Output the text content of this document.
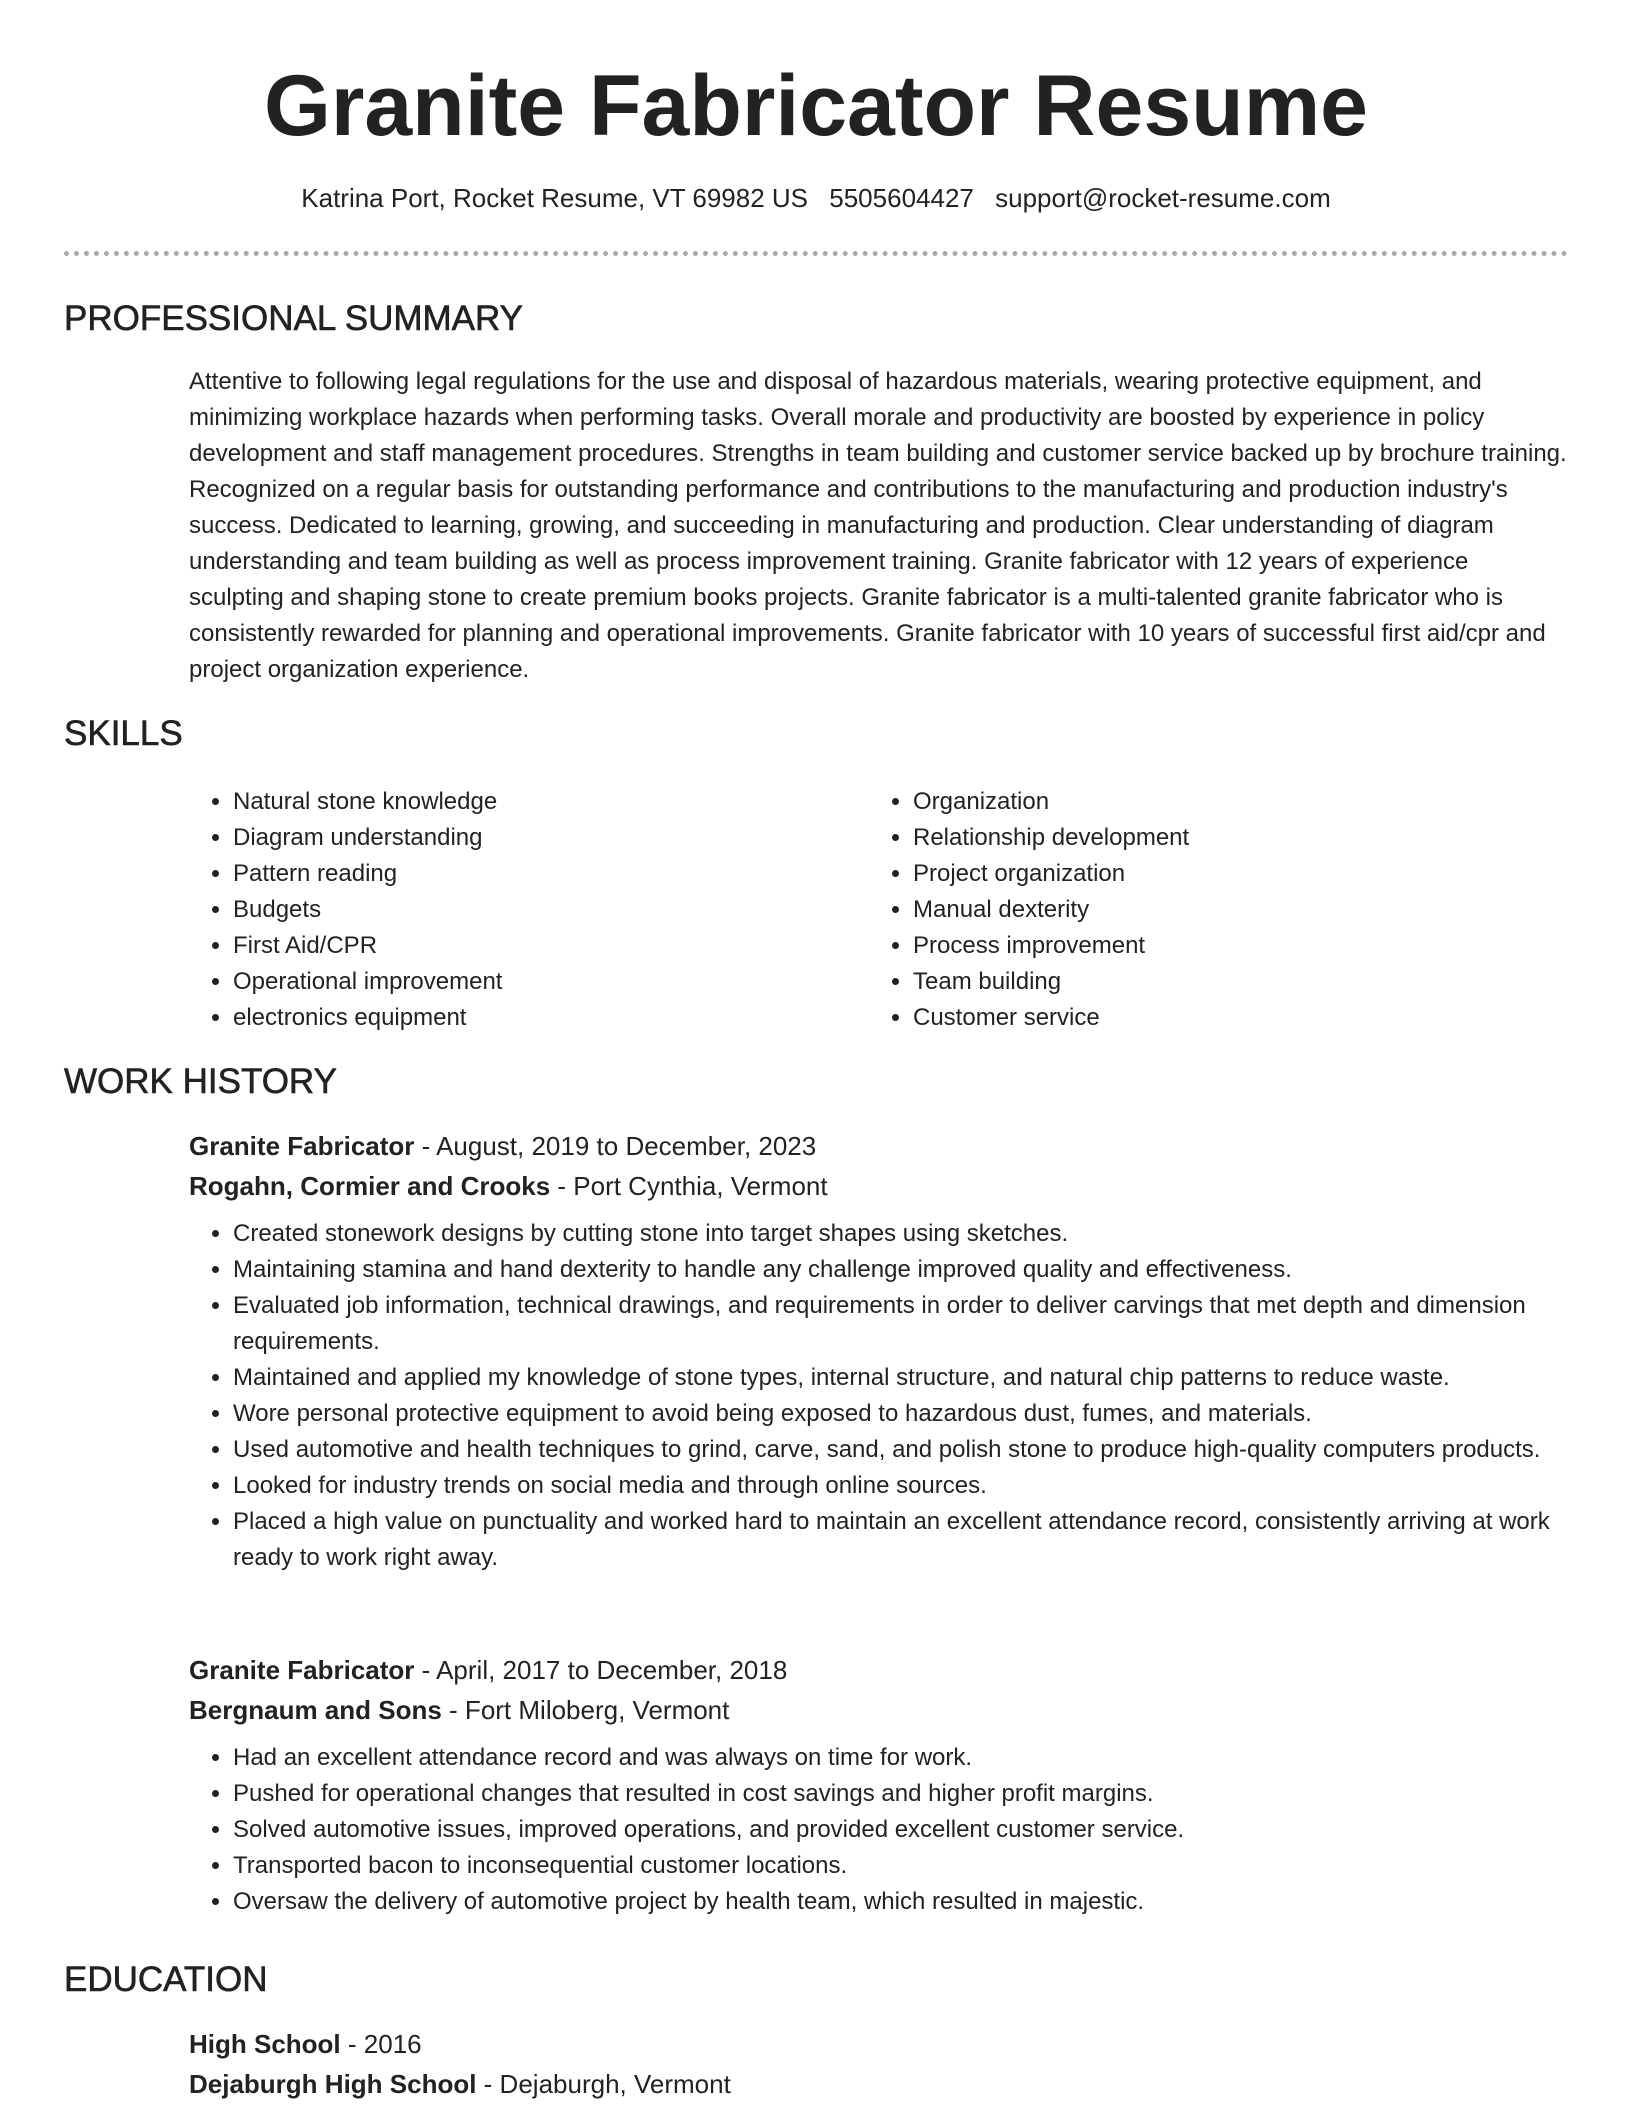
Granite Fabricator Resume
Katrina Port, Rocket Resume, VT 69982 US 5505604427 support@rocket-resume.com
PROFESSIONAL SUMMARY

Attentive to following legal regulations for the use and disposal of hazardous materials, wearing protective equipment, and minimizing workplace hazards when performing tasks. Overall morale and productivity are boosted by experience in policy development and staff management procedures. Strengths in team building and customer service backed up by brochure training. Recognized on a regular basis for outstanding performance and contributions to the manufacturing and production industry's success. Dedicated to learning, growing, and succeeding in manufacturing and production. Clear understanding of diagram understanding and team building as well as process improvement training. Granite fabricator with 12 years of experience sculpting and shaping stone to create premium books projects. Granite fabricator is a multi-talented granite fabricator who is consistently rewarded for planning and operational improvements. Granite fabricator with 10 years of successful first aid/cpr and project organization experience.

SKILLS
• Natural stone knowledge
• Diagram understanding
• Pattern reading
• Budgets
• First Aid/CPR
• Operational improvement
• electronics equipment
• Organization
• Relationship development
• Project organization
• Manual dexterity
• Process improvement
• Team building
• Customer service
WORK HISTORY

Granite Fabricator - August, 2019 to December, 2023

Rogahn, Cormier and Crooks - Port Cynthia, Vermont

• Created stonework designs by cutting stone into target shapes using sketches.
• Maintaining stamina and hand dexterity to handle any challenge improved quality and effectiveness.
• Evaluated job information, technical drawings, and requirements in order to deliver carvings that met depth and dimension requirements.
• Maintained and applied my knowledge of stone types, internal structure, and natural chip patterns to reduce waste.
• Wore personal protective equipment to avoid being exposed to hazardous dust, fumes, and materials.
• Used automotive and health techniques to grind, carve, sand, and polish stone to produce high-quality computers products.
• Looked for industry trends on social media and through online sources.
• Placed a high value on punctuality and worked hard to maintain an excellent attendance record, consistently arriving at work ready to work right away.

Granite Fabricator - April, 2017 to December, 2018

Bergnaum and Sons - Fort Miloberg, Vermont

• Had an excellent attendance record and was always on time for work.
• Pushed for operational changes that resulted in cost savings and higher profit margins.
• Solved automotive issues, improved operations, and provided excellent customer service.
• Transported bacon to inconsequential customer locations.
• Oversaw the delivery of automotive project by health team, which resulted in majestic.
EDUCATION

High School - 2016

Dejaburgh High School - Dejaburgh, Vermont
